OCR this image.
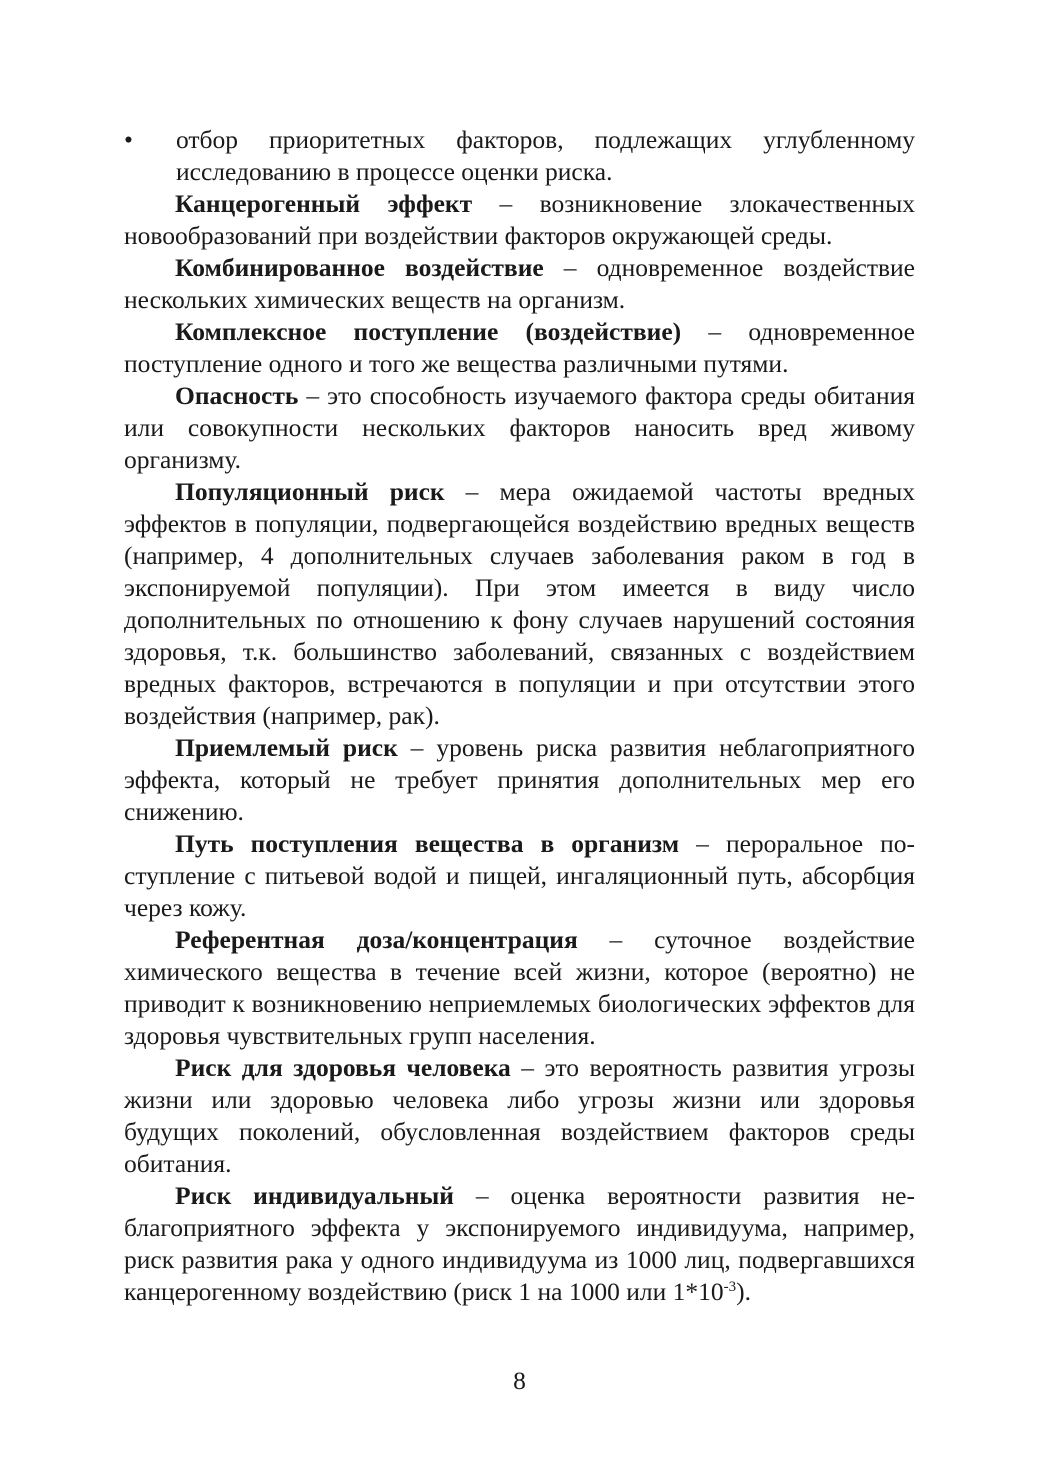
• отбор приоритетных факторов, подлежащих углубленному исследованию в процессе оценки риска.

Канцерогенный эффект – возникновение злокачественных новообразований при воздействии факторов окружающей среды.

Комбинированное воздействие – одновременное воздействие нескольких химических веществ на организм.

Комплексное поступление (воздействие) – одновременное поступление одного и того же вещества различными путями.

Опасность – это способность изучаемого фактора среды обитания или совокупности нескольких факторов наносить вред живому организму.

Популяционный риск – мера ожидаемой частоты вредных эффектов в популяции, подвергающейся воздействию вредных веществ (например, 4 дополнительных случаев заболевания раком в год в экспонируемой популяции). При этом имеется в виду число дополнительных по отношению к фону случаев нарушений состояния здоровья, т.к. большинство заболеваний, связанных с воздействием вредных факторов, встречаются в популяции и при отсутствии этого воздействия (например, рак).

Приемлемый риск – уровень риска развития неблагоприятного эффекта, который не требует принятия дополнительных мер его снижению.

Путь поступления вещества в организм – пероральное поступление с питьевой водой и пищей, ингаляционный путь, абсорбция через кожу.

Референтная доза/концентрация – суточное воздействие химического вещества в течение всей жизни, которое (вероятно) не приводит к возникновению неприемлемых биологических эффектов для здоровья чувствительных групп населения.

Риск для здоровья человека – это вероятность развития угрозы жизни или здоровью человека либо угрозы жизни или здоровья будущих поколений, обусловленная воздействием факторов среды обитания.

Риск индивидуальный – оценка вероятности развития неблагоприятного эффекта у экспонируемого индивидуума, например, риск развития рака у одного индивидуума из 1000 лиц, подвергавшихся канцерогенному воздействию (риск 1 на 1000 или $1*10^{-3}$).

8
